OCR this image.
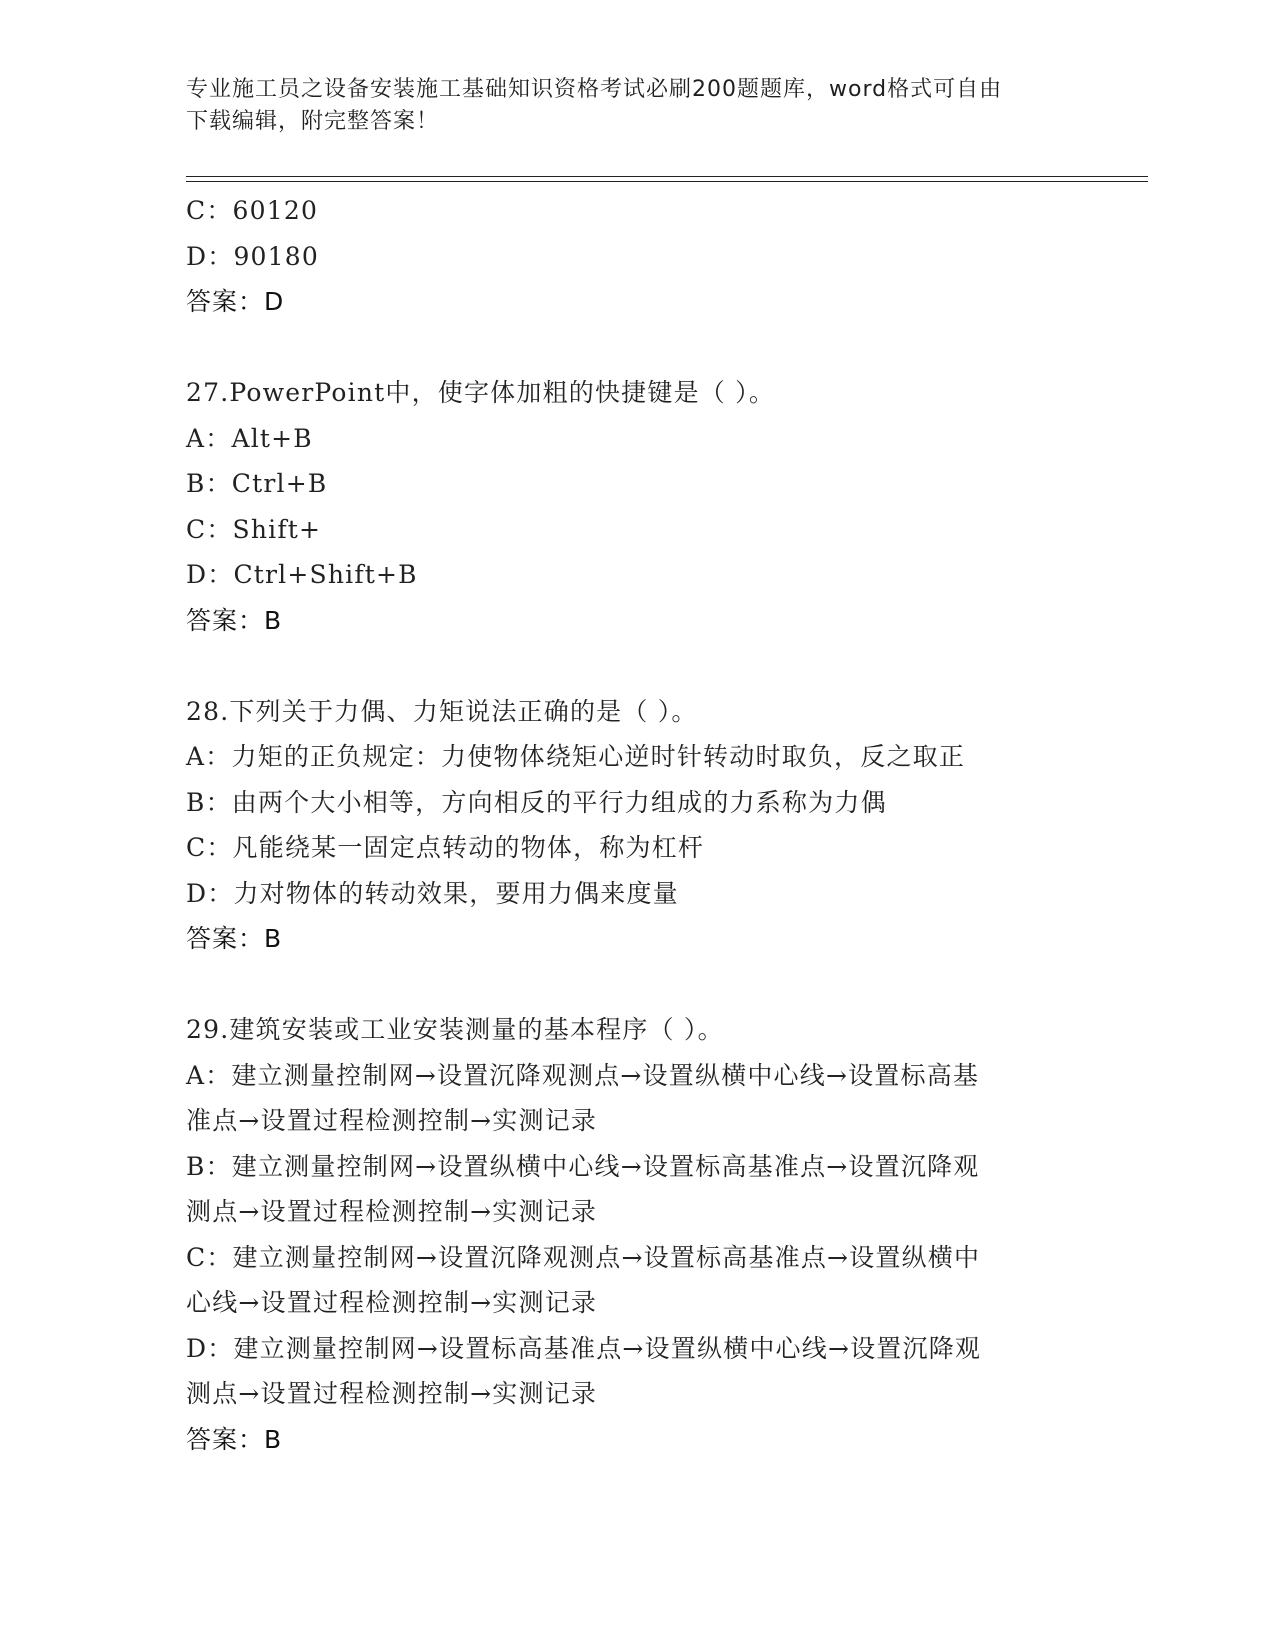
专业施工员之设备安装施工基础知识资格考试必刷200题题库，word格式可自由
下载编辑，附完整答案！
C：60120
D：90180
答案：D
27.PowerPoint中，使字体加粗的快捷键是（ ）。
A：Alt+B
B：Ctrl+B
C：Shift+
D：Ctrl+Shift+B
答案：B
28.下列关于力偶、力矩说法正确的是（ ）。
A：力矩的正负规定：力使物体绕矩心逆时针转动时取负，反之取正
B：由两个大小相等，方向相反的平行力组成的力系称为力偶
C：凡能绕某一固定点转动的物体，称为杠杆
D：力对物体的转动效果，要用力偶来度量
答案：B
29.建筑安装或工业安装测量的基本程序（ ）。
A：建立测量控制网→设置沉降观测点→设置纵横中心线→设置标高基
准点→设置过程检测控制→实测记录
B：建立测量控制网→设置纵横中心线→设置标高基准点→设置沉降观
测点→设置过程检测控制→实测记录
C：建立测量控制网→设置沉降观测点→设置标高基准点→设置纵横中
心线→设置过程检测控制→实测记录
D：建立测量控制网→设置标高基准点→设置纵横中心线→设置沉降观
测点→设置过程检测控制→实测记录
答案：B
